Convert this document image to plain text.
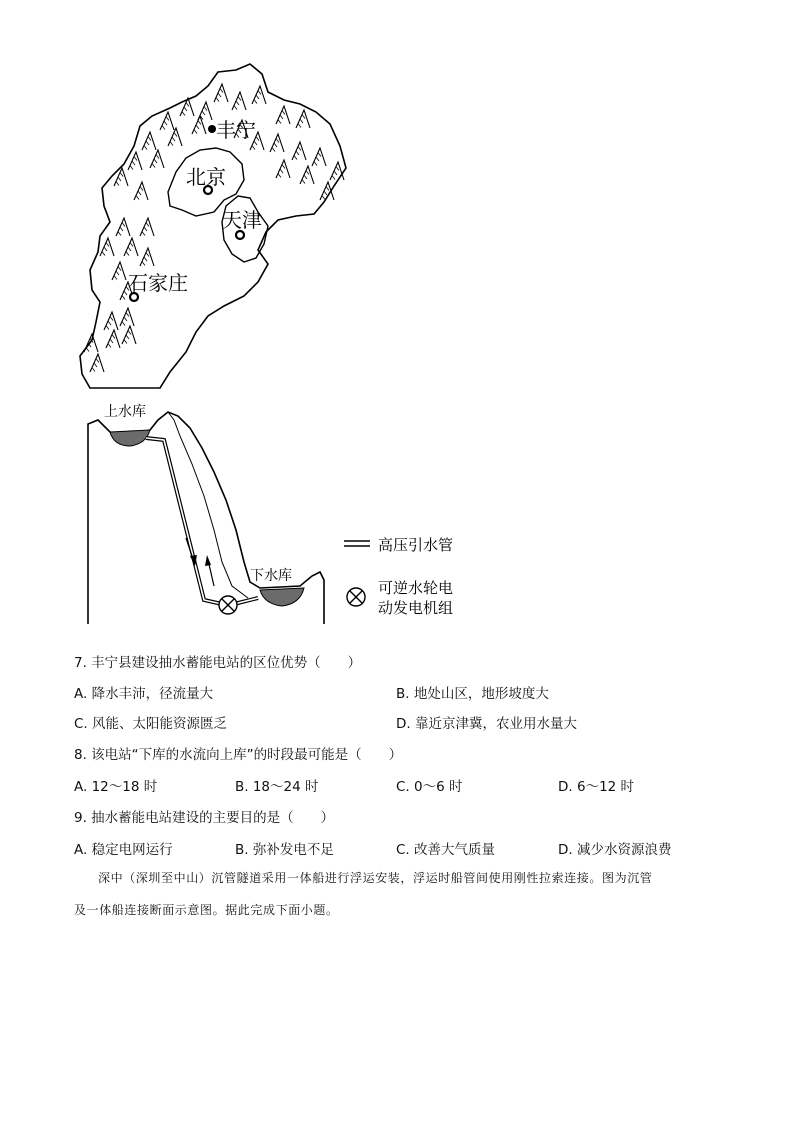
丰宁
北京
天津
石家庄
上水库
下水库
高压引水管
可逆水轮电
动发电机组
7. 丰宁县建设抽水蓄能电站的区位优势（　　）
A. 降水丰沛，径流量大	B. 地处山区，地形坡度大
C. 风能、太阳能资源匮乏	D. 靠近京津冀，农业用水量大
8. 该电站“下库的水流向上库”的时段最可能是（　　）
A. 12～18 时	B. 18～24 时	C. 0～6 时	D. 6～12 时
9. 抽水蓄能电站建设的主要目的是（　　）
A. 稳定电网运行	B. 弥补发电不足	C. 改善大气质量	D. 减少水资源浪费
深中（深圳至中山）沉管隧道采用一体船进行浮运安装，浮运时船管间使用刚性拉索连接。图为沉管
及一体船连接断面示意图。据此完成下面小题。
